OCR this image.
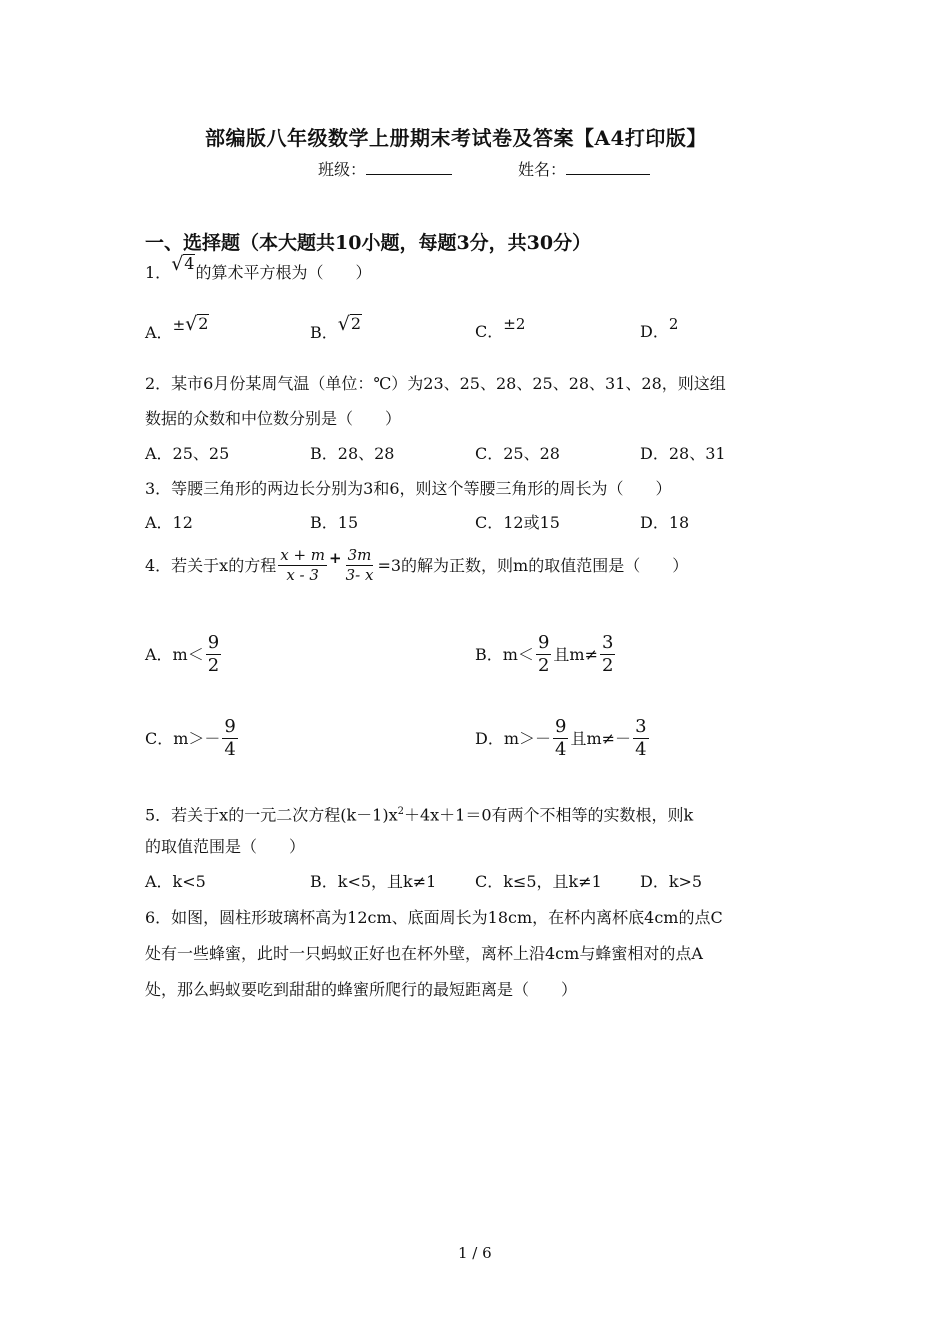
部编版八年级数学上册期末考试卷及答案【A4打印版】
班级：	姓名：
一、选择题（本大题共10小题，每题3分，共30分）
1． √ 4 的算术平方根为（　　）
A．± √ 2	B． √ 2	C．±2	D．2
2．某市6月份某周气温（单位：℃）为23、25、28、25、28、31、28，则这组
数据的众数和中位数分别是（　　）
A．25、25	B．28、28	C．25、28	D．28、31
3．等腰三角形的两边长分别为3和6，则这个等腰三角形的周长为（　　）
A．12	B．15	C．12或15	D．18
4．若关于x的方程 $\frac{x + m}{x - 3} + \frac{3m}{3- x} =3$的解为正数，则m的取值范围是（　　）
A．$m< \frac{9}{2}$	B．$m< \frac{9}{2}$ 且$m\ne \frac{3}{2}$
C．$m>- \frac{9}{4}$	D．$m>- \frac{9}{4}$ 且$m\ne- \frac{3}{4}$
5．若关于x的一元二次方程$(k-1)x^2+4x+1=0$有两个不相等的实数根，则k
的取值范围是（　　）
A．k<5	B．k<5，且k≠1 C．k≤5，且k≠1 D．k>5
6．如图，圆柱形玻璃杯高为12cm、底面周长为18cm，在杯内离杯底4cm的点C
处有一些蜂蜜，此时一只蚂蚁正好也在杯外壁，离杯上沿4cm与蜂蜜相对的点A
处，那么蚂蚁要吃到甜甜的蜂蜜所爬行的最短距离是（　　）
1 / 6
